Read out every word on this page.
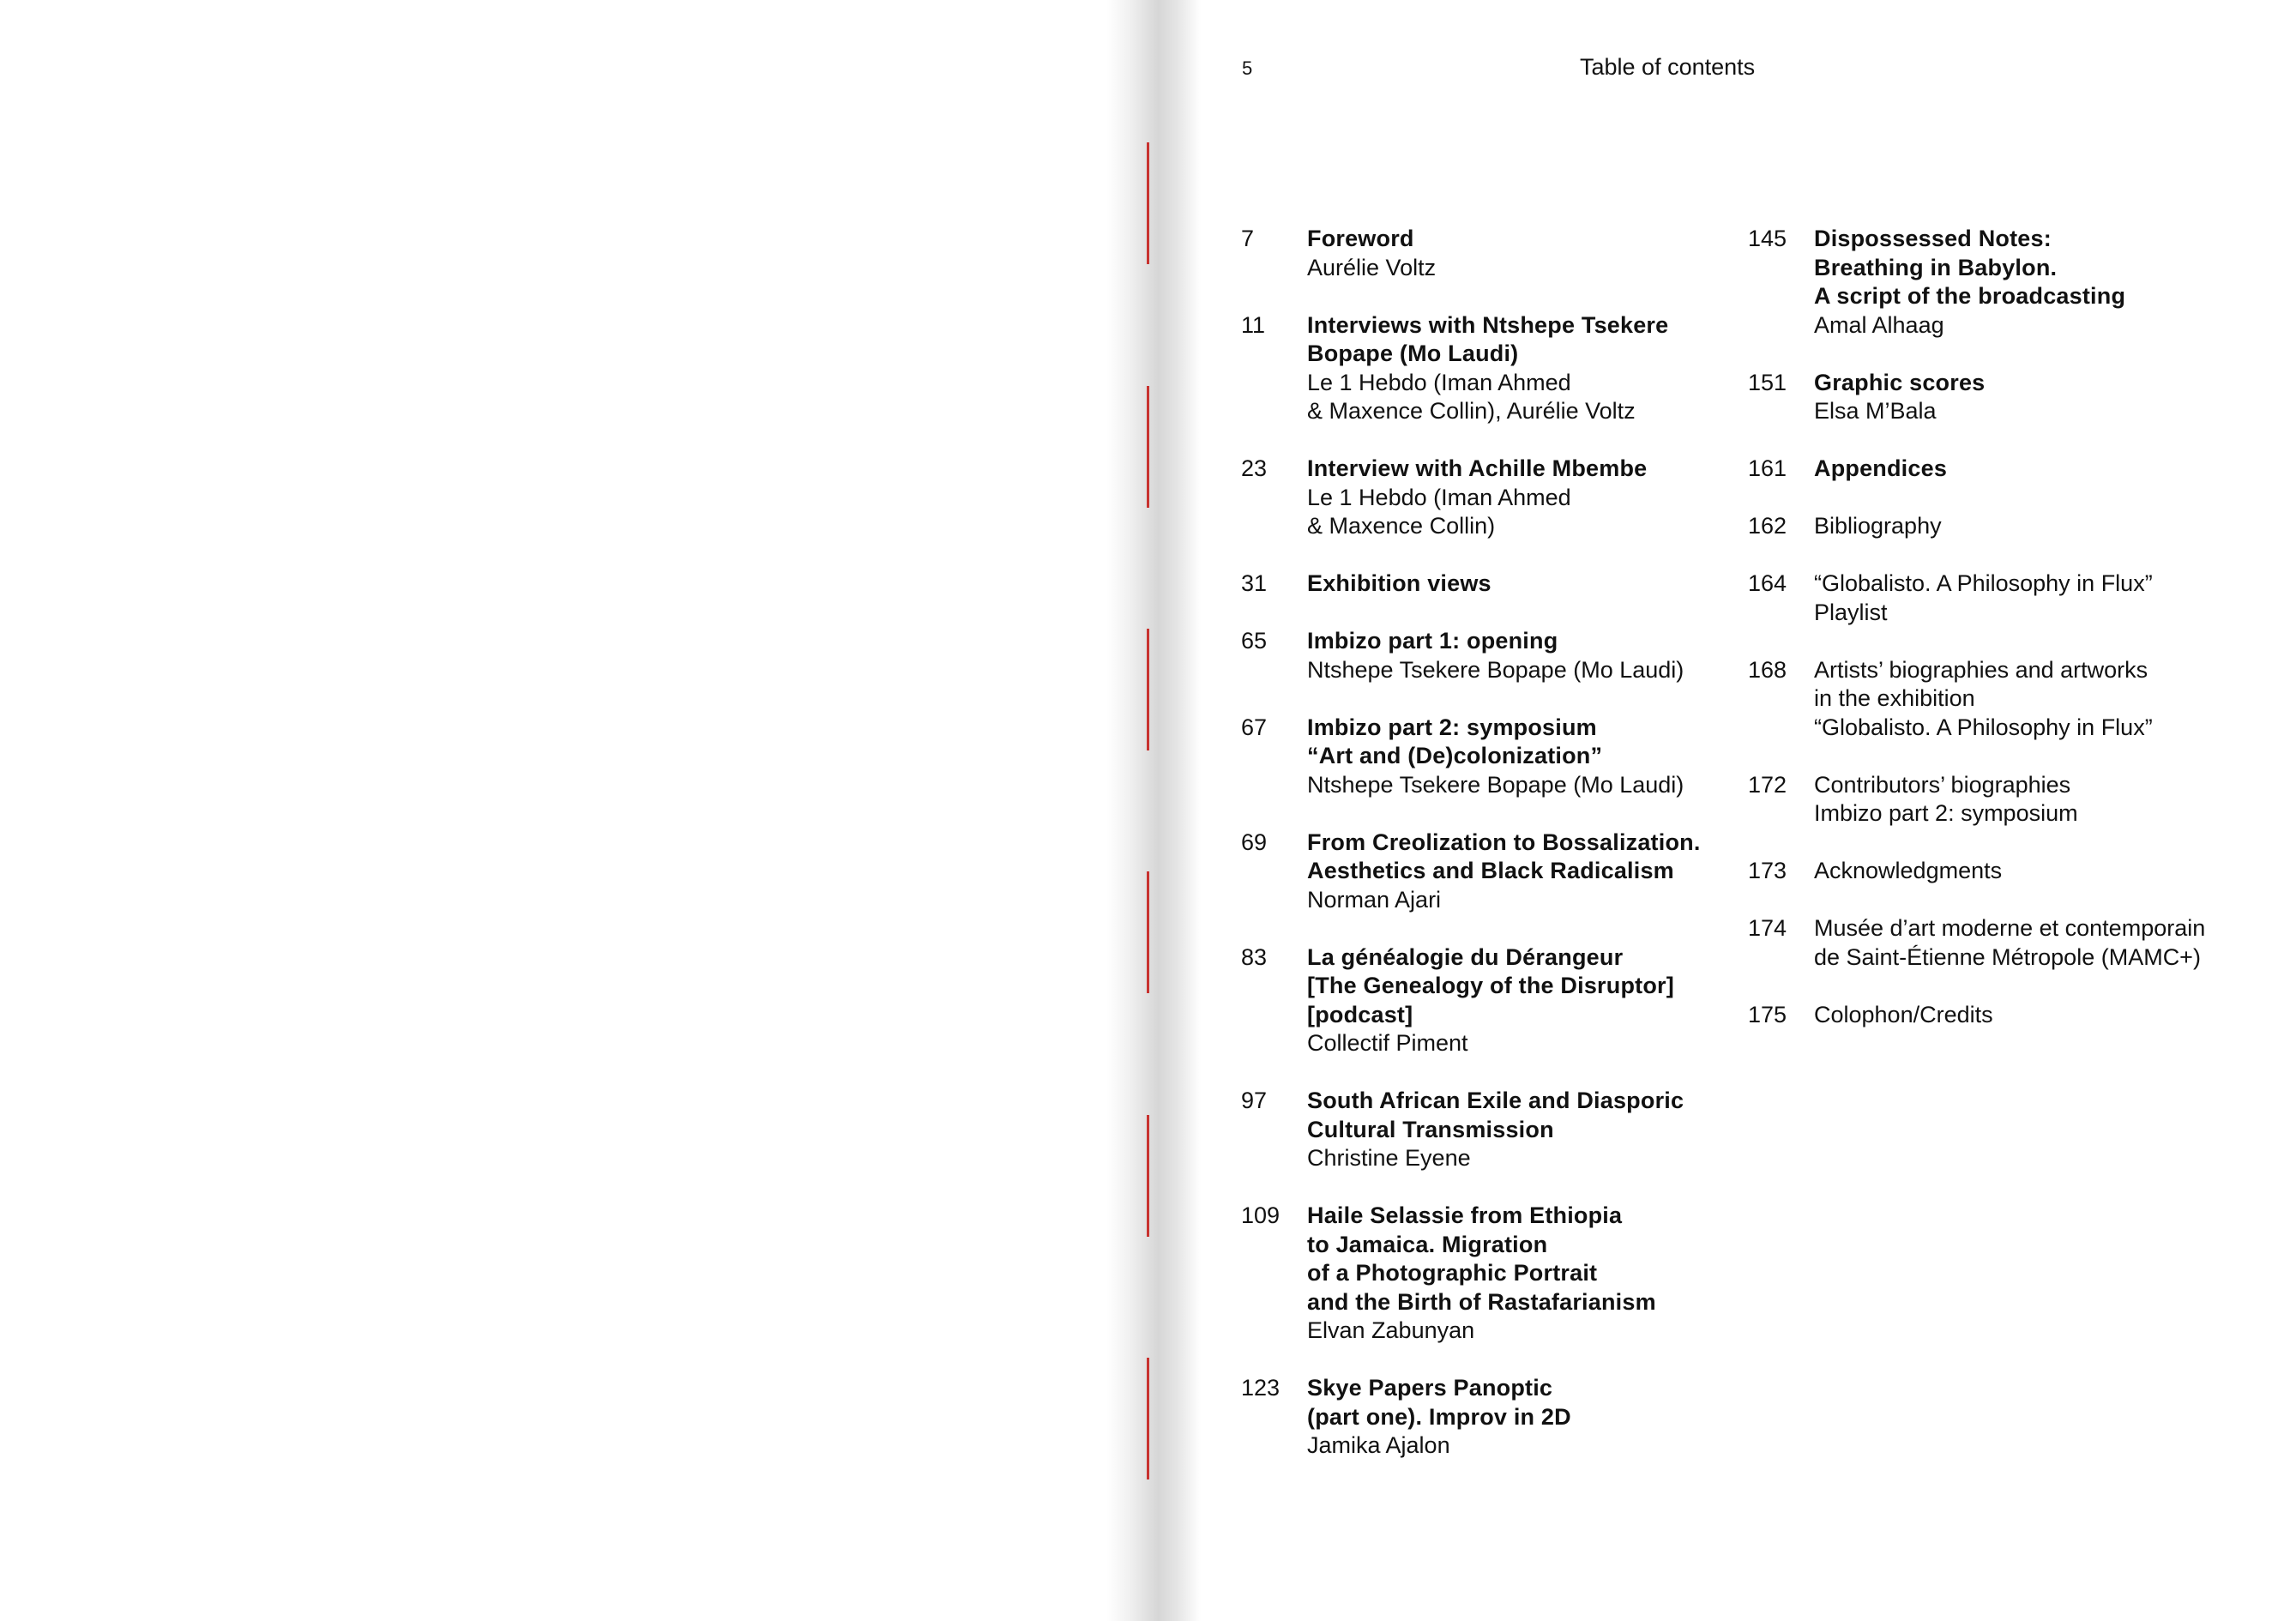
5	Table of contents
7	Foreword
Aurélie Voltz
11	Interviews with Ntshepe Tsekere
Bopape (Mo Laudi)
Le 1 Hebdo (Iman Ahmed
& Maxence Collin), Aurélie Voltz
23	Interview with Achille Mbembe
Le 1 Hebdo (Iman Ahmed
& Maxence Collin)
31	Exhibition views
65	Imbizo part 1: opening
Ntshepe Tsekere Bopape (Mo Laudi)
67	Imbizo part 2: symposium
“Art and (De)colonization”
Ntshepe Tsekere Bopape (Mo Laudi)
69	From Creolization to Bossalization.
Aesthetics and Black Radicalism
Norman Ajari
83	La généalogie du Dérangeur
[The Genealogy of the Disruptor]
[podcast]
Collectif Piment
97	South African Exile and Diasporic
Cultural Transmission
Christine Eyene
109	Haile Selassie from Ethiopia
to Jamaica. Migration
of a Photographic Portrait
and the Birth of Rastafarianism
Elvan Zabunyan
123	Skye Papers Panoptic
(part one). Improv in 2D
Jamika Ajalon
145	Dispossessed Notes:
Breathing in Babylon.
A script of the broadcasting
Amal Alhaag
151	Graphic scores
Elsa M’Bala
161	Appendices
162	Bibliography
164	“Globalisto. A Philosophy in Flux”
Playlist
168	Artists’ biographies and artworks
in the exhibition
“Globalisto. A Philosophy in Flux”
172	Contributors’ biographies
Imbizo part 2: symposium
173	Acknowledgments
174	Musée d’art moderne et contemporain
de Saint-Étienne Métropole (MAMC+)
175	Colophon/Credits
